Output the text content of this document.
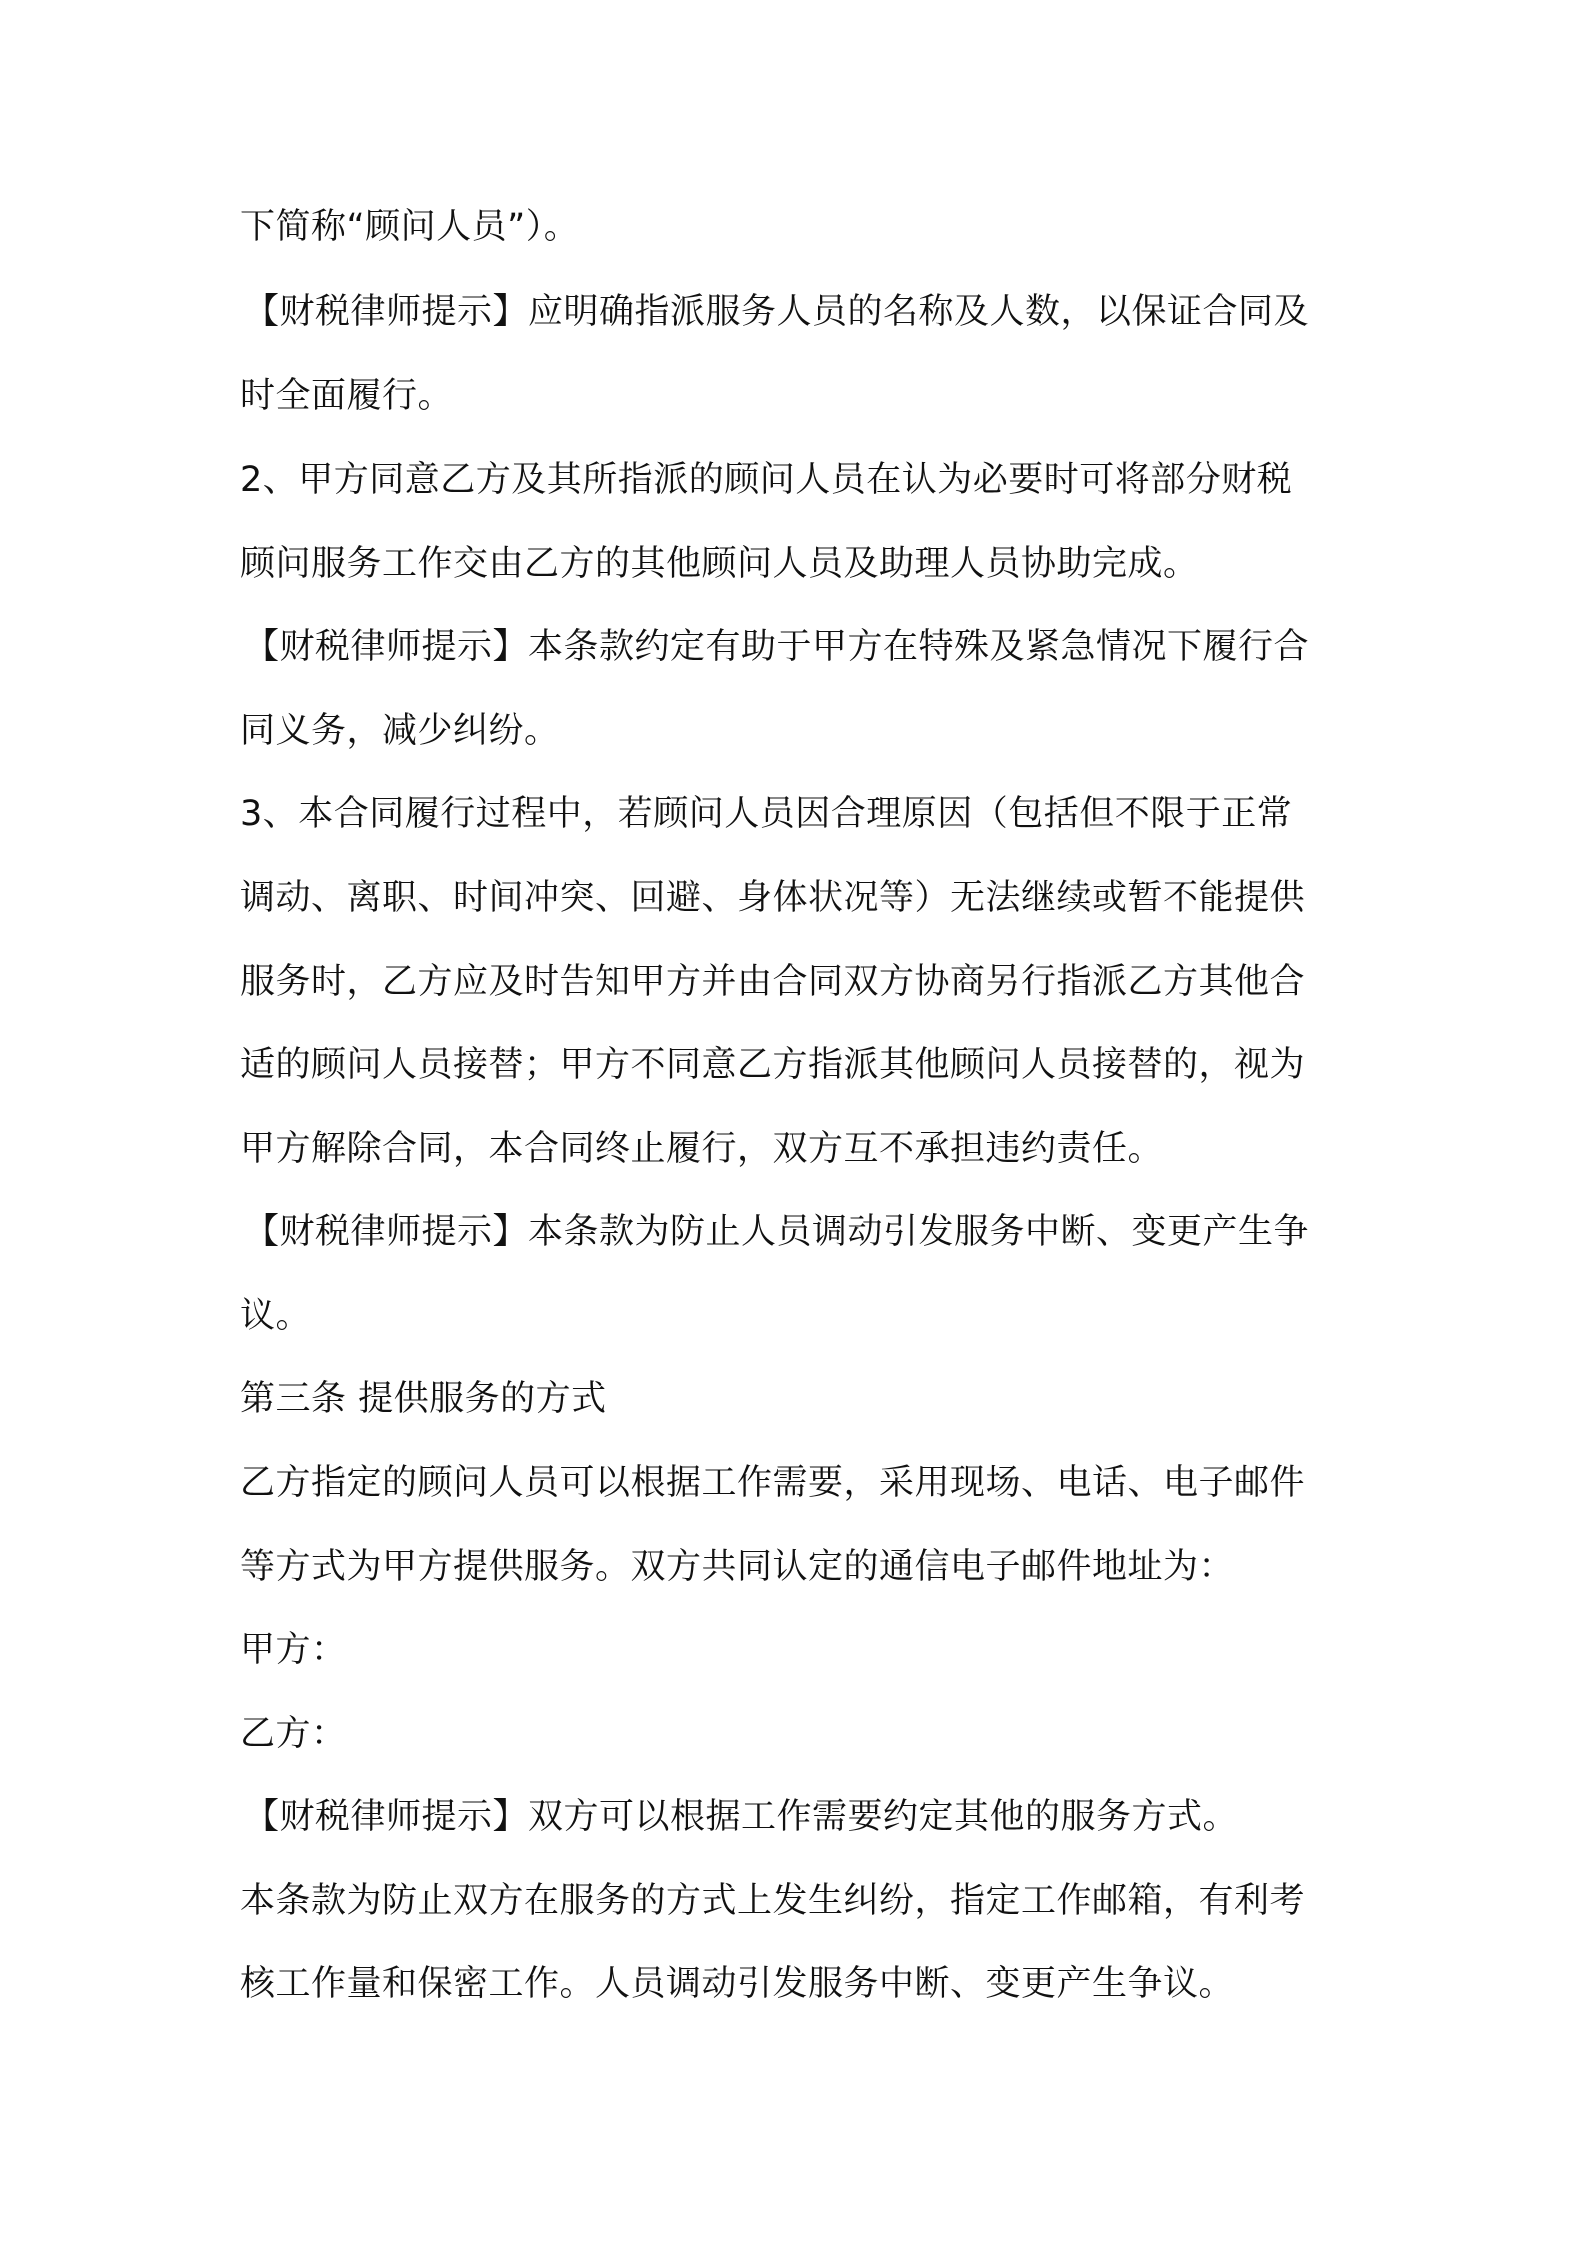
下简称“顾问人员”）。
【财税律师提示】应明确指派服务人员的名称及人数，以保证合同及
时全面履行。
2、甲方同意乙方及其所指派的顾问人员在认为必要时可将部分财税
顾问服务工作交由乙方的其他顾问人员及助理人员协助完成。
【财税律师提示】本条款约定有助于甲方在特殊及紧急情况下履行合
同义务，减少纠纷。
3、本合同履行过程中，若顾问人员因合理原因（包括但不限于正常
调动、离职、时间冲突、回避、身体状况等）无法继续或暂不能提供
服务时，乙方应及时告知甲方并由合同双方协商另行指派乙方其他合
适的顾问人员接替；甲方不同意乙方指派其他顾问人员接替的，视为
甲方解除合同，本合同终止履行，双方互不承担违约责任。
【财税律师提示】本条款为防止人员调动引发服务中断、变更产生争
议。
第三条 提供服务的方式
乙方指定的顾问人员可以根据工作需要，采用现场、电话、电子邮件
等方式为甲方提供服务。双方共同认定的通信电子邮件地址为：
甲方：
乙方：
【财税律师提示】双方可以根据工作需要约定其他的服务方式。
本条款为防止双方在服务的方式上发生纠纷，指定工作邮箱，有利考
核工作量和保密工作。人员调动引发服务中断、变更产生争议。
